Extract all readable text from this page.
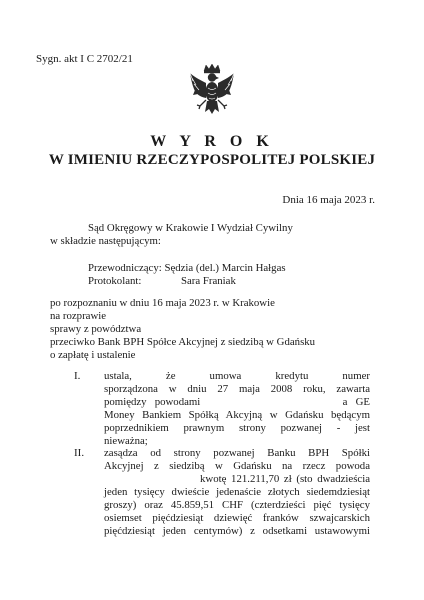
Sygn. akt I C 2702/21
W Y R O K
W IMIENIU RZECZYPOSPOLITEJ POLSKIEJ
Dnia 16 maja 2023 r.
Sąd Okręgowy w Krakowie I Wydział Cywilny
w składzie następującym:
Przewodniczący: Sędzia (del.) Marcin Hałgas
Protokolant:	Sara Franiak
po rozpoznaniu w dniu 16 maja 2023 r. w Krakowie
na rozprawie
sprawy z powództwa
przeciwko Bank BPH Spółce Akcyjnej z siedzibą w Gdańsku
o zapłatę i ustalenie
I. ustala, że umowa kredytu numer
sporządzona w dniu 27 maja 2008 roku, zawarta
pomiędzy  powodami                                   a  GE
Money Bankiem Spółką Akcyjną w Gdańsku będącym
poprzednikiem prawnym strony pozwanej - jest
nieważna;
II. zasądza od strony pozwanej Banku BPH Spółki
Akcyjnej z siedzibą w Gdańsku na rzecz powoda
kwotę 121.211,70 zł (sto dwadzieścia
jeden tysięcy dwieście jedenaście złotych siedemdziesiąt
groszy) oraz 45.859,51 CHF (czterdzieści pięć tysięcy
osiemset pięćdziesiąt dziewięć franków szwajcarskich
pięćdziesiąt jeden centymów) z odsetkami ustawowymi
